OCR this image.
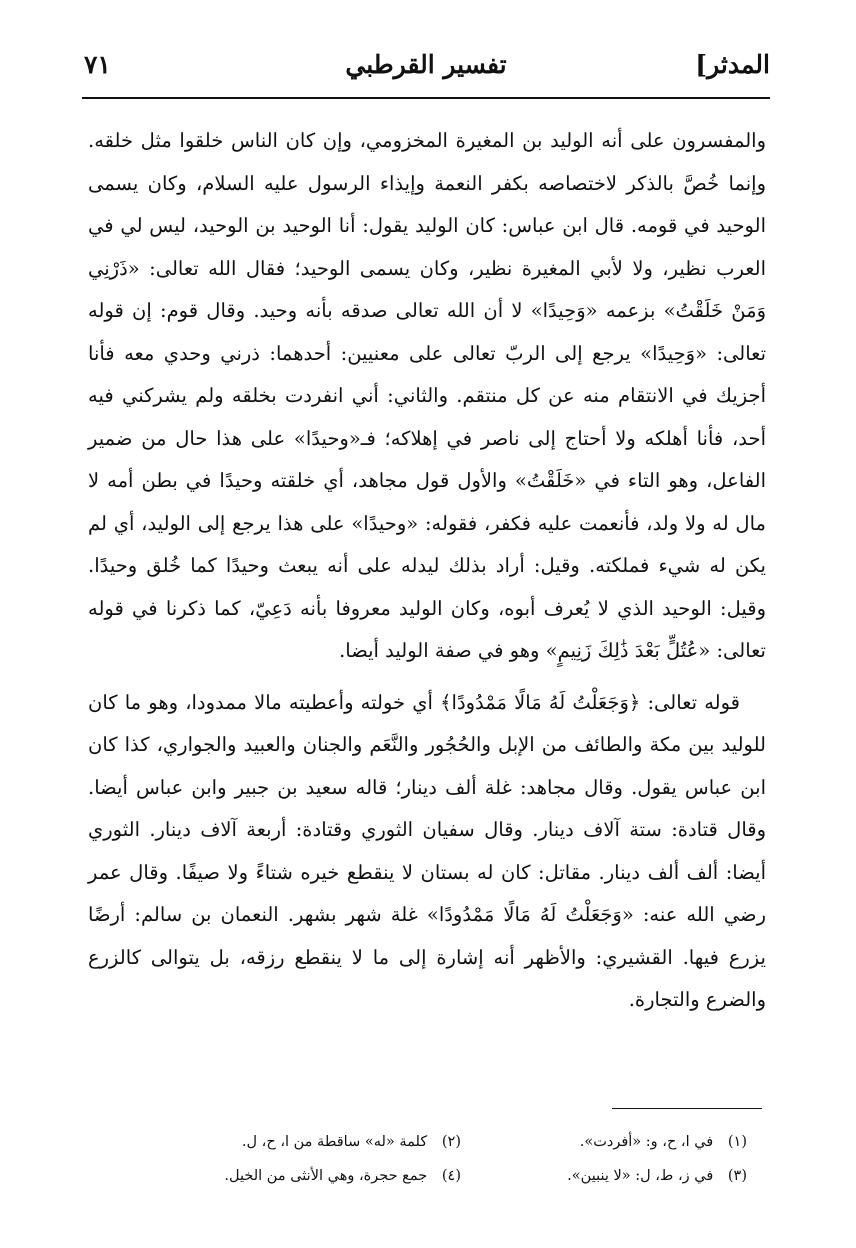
المدثر]
تفسير القرطبي
٧١

والمفسرون على أنه الوليد بن المغيرة المخزومي، وإن كان الناس خلقوا مثل خلقه. وإنما خُصَّ بالذكر لاختصاصه بكفر النعمة وإيذاء الرسول عليه السلام، وكان يسمى الوحيد في قومه. قال ابن عباس: كان الوليد يقول: أنا الوحيد بن الوحيد، ليس لي في العرب نظير، ولا لأبي المغيرة نظير، وكان يسمى الوحيد؛ فقال الله تعالى: «ذَرْنِي وَمَنْ خَلَقْتُ» بزعمه «وَحِيدًا» لا أن الله تعالى صدقه بأنه وحيد. وقال قوم: إن قوله تعالى: «وَحِيدًا» يرجع إلى الربّ تعالى على معنيين: أحدهما: ذرني وحدي معه فأنا أجزيك في الانتقام منه عن كل منتقم. والثاني: أني انفردت بخلقه ولم يشركني فيه أحد، فأنا أهلكه ولا أحتاج إلى ناصر في إهلاكه؛ فـ«وحيدًا» على هذا حال من ضمير الفاعل، وهو التاء في «خَلَقْتُ» والأول قول مجاهد، أي خلقته وحيدًا في بطن أمه لا مال له ولا ولد، فأنعمت عليه فكفر، فقوله: «وحيدًا» على هذا يرجع إلى الوليد، أي لم يكن له شيء فملكته. وقيل: أراد بذلك ليدله على أنه يبعث وحيدًا كما خُلق وحيدًا. وقيل: الوحيد الذي لا يُعرف أبوه، وكان الوليد معروفا بأنه دَعِيّ، كما ذكرنا في قوله تعالى: «عُتُلٍّ بَعْدَ ذَٰلِكَ زَنِيمٍ» وهو في صفة الوليد أيضا.

قوله تعالى: ﴿وَجَعَلْتُ لَهُ مَالًا مَمْدُودًا﴾ أي خولته وأعطيته مالا ممدودا، وهو ما كان للوليد بين مكة والطائف من الإبل والحُجُور والنَّعَم والجنان والعبيد والجواري، كذا كان ابن عباس يقول. وقال مجاهد: غلة ألف دينار؛ قاله سعيد بن جبير وابن عباس أيضا. وقال قتادة: ستة آلاف دينار. وقال سفيان الثوري وقتادة: أربعة آلاف دينار. الثوري أيضا: ألف ألف دينار. مقاتل: كان له بستان لا ينقطع خيره شتاءً ولا صيفًا. وقال عمر رضي الله عنه: «وَجَعَلْتُ لَهُ مَالًا مَمْدُودًا» غلة شهر بشهر. النعمان بن سالم: أرضًا يزرع فيها. القشيري: والأظهر أنه إشارة إلى ما لا ينقطع رزقه، بل يتوالى كالزرع والضرع والتجارة.

(١) في ا، ح، و: «أفردت».
(٢) كلمة «له» ساقطة من ا، ح، ل.
(٣) في ز، ط، ل: «لا ينبين».
(٤) جمع حجرة، وهي الأنثى من الخيل.
